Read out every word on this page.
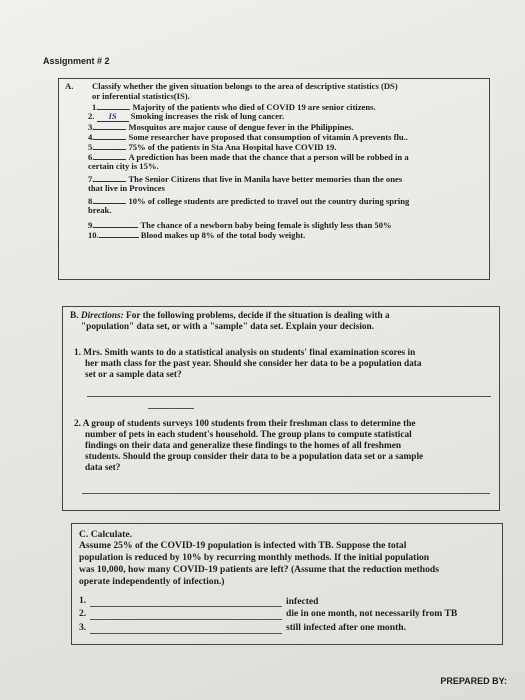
Assignment # 2
A. Classify whether the given situation belongs to the area of descriptive statistics (DS)
or inferential statistics(IS).
1.	Majority of the patients who died of COVID 19 are senior citizens.
2. IS Smoking increases the risk of lung cancer.
3.	Mosquitos are major cause of dengue fever in the Philippines.
4.	Some researcher have proposed that consumption of vitamin A prevents flu..
5.	75% of the patients in Sta Ana Hospital have COVID 19.
6.	A prediction has been made that the chance that a person will be robbed in a
certain city is 15%.
7.	The Senior Citizens that live in Manila have better memories than the ones
that live in Provinces
8.	10% of college students are predicted to travel out the country during spring
break.
9.	The chance of a newborn baby being female is slightly less than 50%
10.	Blood makes up 8% of the total body weight.
B. Directions: For the following problems, decide if the situation is dealing with a
"population" data set, or with a "sample" data set. Explain your decision.
1. Mrs. Smith wants to do a statistical analysis on students' final examination scores in
her math class for the past year. Should she consider her data to be a population data
set or a sample data set?
2. A group of students surveys 100 students from their freshman class to determine the
number of pets in each student's household. The group plans to compute statistical
findings on their data and generalize these findings to the homes of all freshmen
students. Should the group consider their data to be a population data set or a sample
data set?
C. Calculate.
Assume 25% of the COVID-19 population is infected with TB. Suppose the total
population is reduced by 10% by recurring monthly methods. If the initial population
was 10,000, how many COVID-19 patients are left? (Assume that the reduction methods
operate independently of infection.)
1.	infected
2.	die in one month, not necessarily from TB
3.	still infected after one month.
PREPARED BY:
